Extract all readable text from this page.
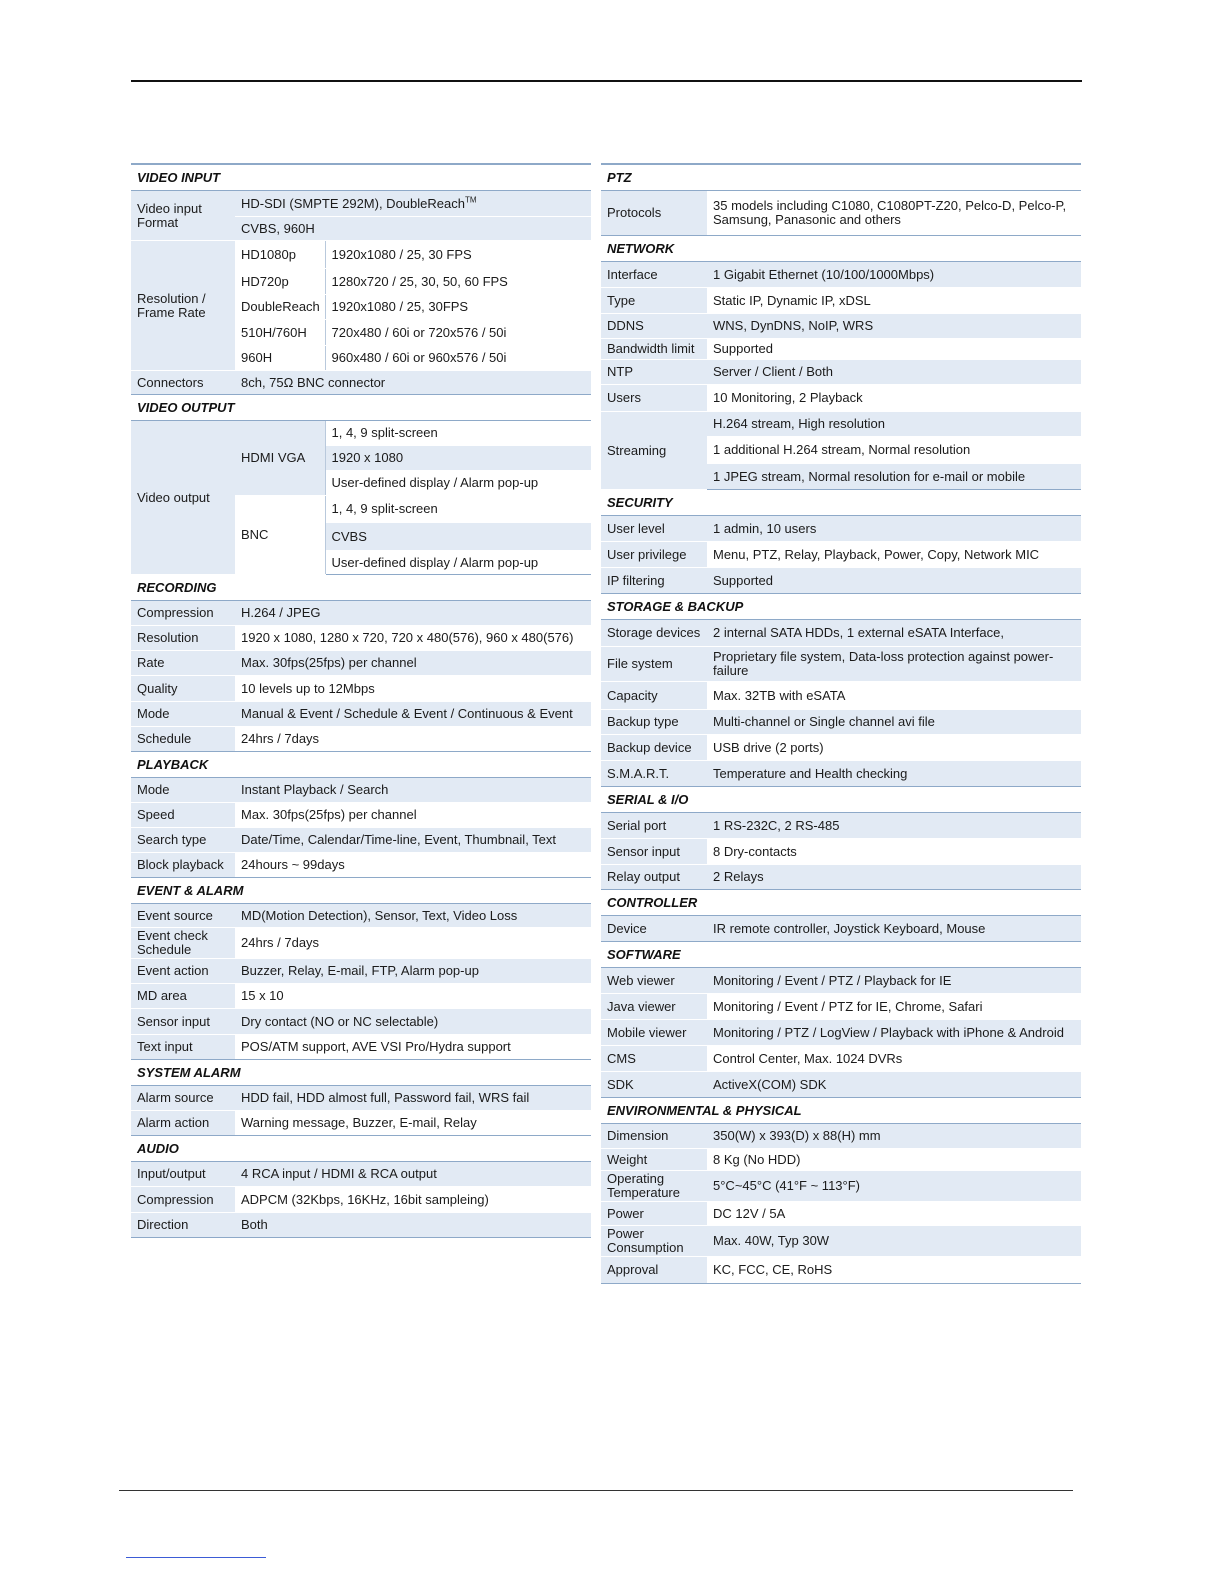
VIDEO INPUT		
Video input Format	HD-SDI (SMPTE 292M), DoubleReach™
	CVBS, 960H	
Resolution / Frame Rate	HD1080p	1920x1080 / 25, 30 FPS
	HD720p	1280x720 / 25, 30, 50, 60 FPS
	DoubleReach	1920x1080 / 25, 30FPS
	510H/760H	720x480 / 60i or 720x576 / 50i
	960H	960x480 / 60i or 960x576 / 50i
Connectors	8ch, 75Ω BNC connector	
VIDEO OUTPUT		
Video output	HDMI VGA	1, 4, 9 split-screen
		1920 x 1080
		User-defined display / Alarm pop-up
	BNC	1, 4, 9 split-screen
		CVBS
		User-defined display / Alarm pop-up
RECORDING		
Compression	H.264 / JPEG	
Resolution	1920 x 1080, 1280 x 720, 720 x 480(576), 960 x 480(576)	
Rate	Max. 30fps(25fps) per channel	
Quality	10 levels up to 12Mbps	
Mode	Manual & Event / Schedule & Event / Continuous & Event	
Schedule	24hrs / 7days	
PLAYBACK		
Mode	Instant Playback / Search	
Speed	Max. 30fps(25fps) per channel	
Search type	Date/Time, Calendar/Time-line, Event, Thumbnail, Text	
Block playback	24hours ~ 99days	
EVENT & ALARM		
Event source	MD(Motion Detection), Sensor, Text, Video Loss	
Event check Schedule	24hrs / 7days	
Event action	Buzzer, Relay, E-mail, FTP, Alarm pop-up	
MD area	15 x 10	
Sensor input	Dry contact (NO or NC selectable)	
Text input	POS/ATM support, AVE VSI Pro/Hydra support	
SYSTEM ALARM		
Alarm source	HDD fail, HDD almost full, Password fail, WRS fail	
Alarm action	Warning message, Buzzer, E-mail, Relay	
AUDIO		
Input/output	4 RCA input / HDMI & RCA output	
Compression	ADPCM (32Kbps, 16KHz, 16bit sampleing)	
Direction	Both	
PTZ	
Protocols	35 models including C1080, C1080PT-Z20, Pelco-D, Pelco-P, Samsung, Panasonic and others
NETWORK	
Interface	1 Gigabit Ethernet (10/100/1000Mbps)
Type	Static IP, Dynamic IP, xDSL
DDNS	WNS, DynDNS, NoIP, WRS
Bandwidth limit	Supported
NTP	Server / Client / Both
Users	10 Monitoring, 2 Playback
Streaming	H.264 stream, High resolution
	1 additional H.264 stream, Normal resolution
	1 JPEG stream, Normal resolution for e-mail or mobile
SECURITY	
User level	1 admin, 10 users
User privilege	Menu, PTZ, Relay, Playback, Power, Copy, Network MIC
IP filtering	Supported
STORAGE & BACKUP	
Storage devices	2 internal SATA HDDs, 1 external eSATA Interface,
File system	Proprietary file system, Data-loss protection against power-failure
Capacity	Max. 32TB with eSATA
Backup type	Multi-channel or Single channel avi file
Backup device	USB drive (2 ports)
S.M.A.R.T.	Temperature and Health checking
SERIAL & I/O	
Serial port	1 RS-232C, 2 RS-485
Sensor input	8 Dry-contacts
Relay output	2 Relays
CONTROLLER	
Device	IR remote controller, Joystick Keyboard, Mouse
SOFTWARE	
Web viewer	Monitoring / Event / PTZ / Playback for IE
Java viewer	Monitoring / Event / PTZ for IE, Chrome, Safari
Mobile viewer	Monitoring / PTZ / LogView / Playback with iPhone & Android
CMS	Control Center, Max. 1024 DVRs
SDK	ActiveX(COM) SDK
ENVIRONMENTAL & PHYSICAL	
Dimension	350(W) x 393(D) x 88(H) mm
Weight	8 Kg (No HDD)
Operating Temperature	5°C~45°C (41°F ~ 113°F)
Power	DC 12V / 5A
Power Consumption	Max. 40W, Typ 30W
Approval	KC, FCC, CE, RoHS
